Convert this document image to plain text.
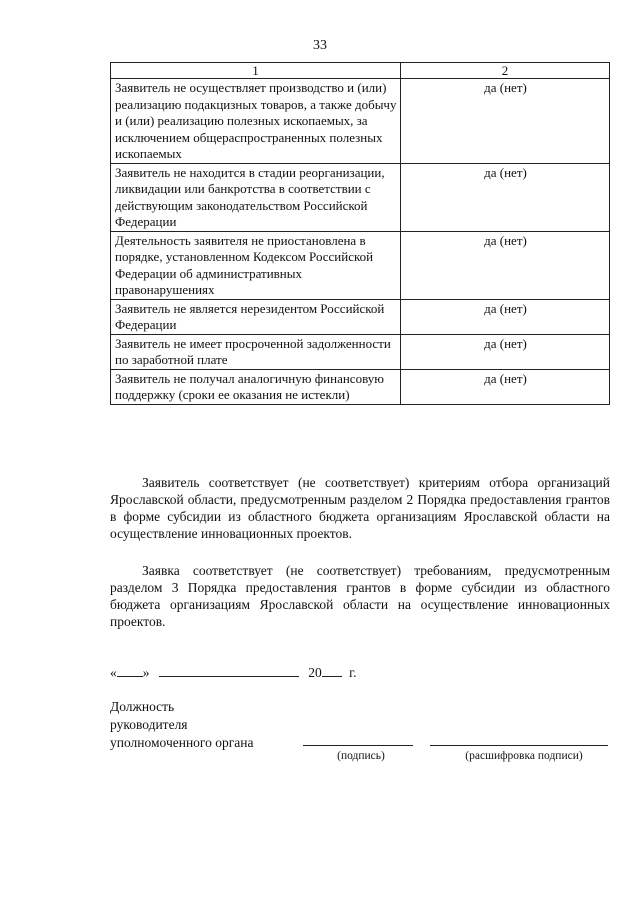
33
1	2
Заявитель не осуществляет производство и (или) реализацию подакцизных товаров, а также добычу и (или) реализацию полезных ископаемых, за исключением общераспространенных полезных ископаемых	да (нет)
Заявитель не находится в стадии реорганизации, ликвидации или банкротства в соответствии с действующим законодательством Российской Федерации	да (нет)
Деятельность заявителя не приостановлена в порядке, установленном Кодексом Российской Федерации об административных правонарушениях	да (нет)
Заявитель не является нерезидентом Российской Федерации	да (нет)
Заявитель не имеет просроченной задолженности по заработной плате	да (нет)
Заявитель не получал аналогичную финансовую поддержку (сроки ее оказания не истекли)	да (нет)

Заявитель соответствует (не соответствует) критериям отбора организаций Ярославской области, предусмотренным разделом 2 Порядка предоставления грантов в форме субсидии из областного бюджета организациям Ярославской области на осуществление инновационных проектов.

Заявка соответствует (не соответствует) требованиям, предусмотренным разделом 3 Порядка предоставления грантов в форме субсидии из областного бюджета организациям Ярославской области на осуществление инновационных проектов.

« »	20 г.
Должность
руководителя
уполномоченного органа
(подпись)	(расшифровка подписи)
